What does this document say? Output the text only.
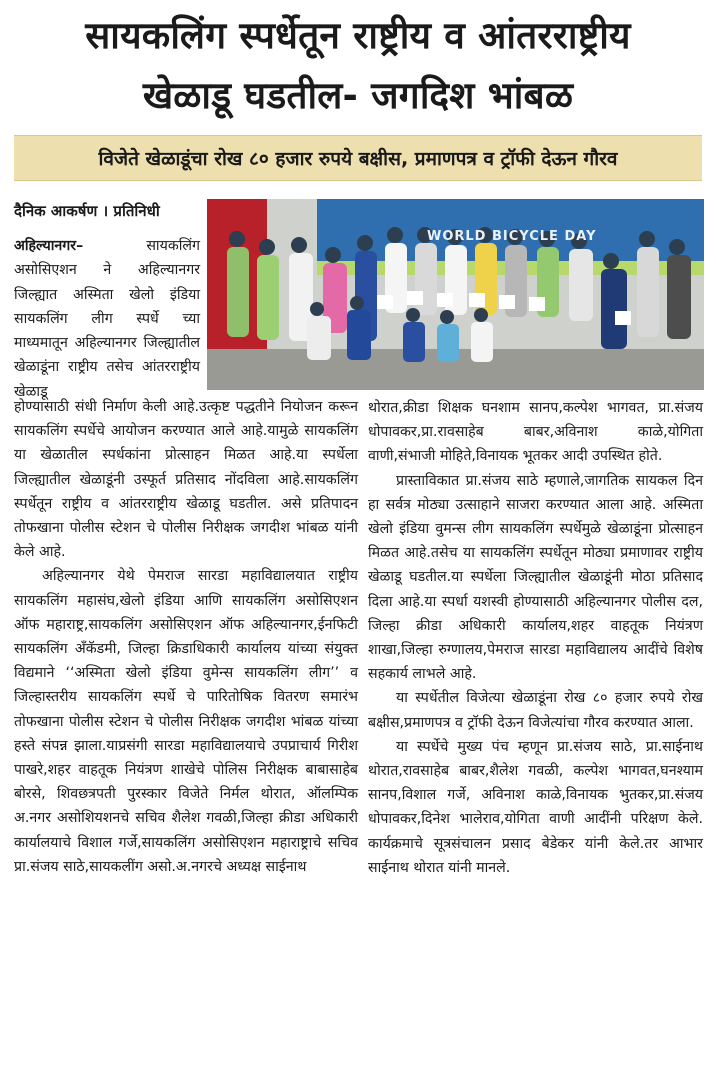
सायकलिंग स्पर्धेतून राष्ट्रीय व आंतरराष्ट्रीय
खेळाडू घडतील- जगदिश भांबळ
विजेते खेळाडूंचा रोख ८० हजार रुपये बक्षीस, प्रमाणपत्र व ट्रॉफी देऊन गौरव
दैनिक आकर्षण । प्रतिनिधी
WORLD BICYCLE DAY
अहिल्यानगर–	सायकलिंग असोसिएशन ने अहिल्यानगर जिल्ह्यात अस्मिता खेलो इंडिया सायकलिंग लीग स्पर्धे च्या माध्यमातून अहिल्यानगर जिल्ह्यातील खेळाडूंना राष्ट्रीय तसेच आंतरराष्ट्रीय खेळाडू

होण्यासाठी संधी निर्माण केली आहे.उत्कृष्ट पद्धतीने नियोजन करून सायकलिंग स्पर्धेचे आयोजन करण्यात आले आहे.यामुळे सायकलिंग या खेळातील स्पर्धकांना प्रोत्साहन मिळत आहे.या स्पर्धेला जिल्ह्यातील खेळाडूंनी उस्फूर्त प्रतिसाद नोंदविला आहे.सायकलिंग स्पर्धेतून राष्ट्रीय व आंतरराष्ट्रीय खेळाडू घडतील. असे प्रतिपादन तोफखाना पोलीस स्टेशन चे पोलीस निरीक्षक जगदीश भांबळ यांनी केले आहे.

अहिल्यानगर येथे पेमराज सारडा महाविद्यालयात राष्ट्रीय सायकलिंग महासंघ,खेलो इंडिया आणि सायकलिंग असोसिएशन ऑफ महाराष्ट्र,सायकलिंग असोसिएशन ऑफ अहिल्यानगर,ईनफिटी सायकलिंग अँकॅडमी, जिल्हा क्रिडाधिकारी कार्यालय यांच्या संयुक्त विद्यमाने ‘‘अस्मिता खेलो इंडिया वुमेन्स सायकलिंग लीग’’ व जिल्हास्तरीय सायकलिंग स्पर्धे चे पारितोषिक वितरण समारंभ तोफखाना पोलीस स्टेशन चे पोलीस निरीक्षक जगदीश भांबळ यांच्या हस्ते संपन्न झाला.याप्रसंगी सारडा महाविद्यालयाचे उपप्राचार्य गिरीश पाखरे,शहर वाहतूक नियंत्रण शाखेचे पोलिस निरीक्षक बाबासाहेब बोरसे, शिवछत्रपती पुरस्कार विजेते निर्मल थोरात, ऑलम्पिक अ.नगर असोशियशनचे सचिव शैलेश गवळी,जिल्हा क्रीडा अधिकारी कार्यालयाचे विशाल गर्जे,सायकलिंग असोसिएशन महाराष्ट्राचे सचिव प्रा.संजय साठे,सायकलींग असो.अ.नगरचे अध्यक्ष साईनाथ

थोरात,क्रीडा शिक्षक घनशाम सानप,कल्पेश भागवत, प्रा.संजय धोपावकर,प्रा.रावसाहेब बाबर,अविनाश काळे,योगिता वाणी,संभाजी मोहिते,विनायक भूतकर आदी उपस्थित होते.

प्रास्ताविकात प्रा.संजय साठे म्हणाले,जागतिक सायकल दिन हा सर्वत्र मोठ्या उत्साहाने साजरा करण्यात आला आहे. अस्मिता खेलो इंडिया वुमन्स लीग सायकलिंग स्पर्धेमुळे खेळाडूंना प्रोत्साहन मिळत आहे.तसेच या सायकलिंग स्पर्धेतून मोठ्या प्रमाणावर राष्ट्रीय खेळाडू घडतील.या स्पर्धेला जिल्ह्यातील खेळाडूंनी मोठा प्रतिसाद दिला आहे.या स्पर्धा यशस्वी होण्यासाठी अहिल्यानगर पोलीस दल, जिल्हा क्रीडा अधिकारी कार्यालय,शहर वाहतूक नियंत्रण शाखा,जिल्हा रुग्णालय,पेमराज सारडा महाविद्यालय आदींचे विशेष सहकार्य लाभले आहे.

या स्पर्धेतील विजेत्या खेळाडूंना रोख ८० हजार रुपये रोख बक्षीस,प्रमाणपत्र व ट्रॉफी देऊन विजेत्यांचा गौरव करण्यात आला.

या स्पर्धेचे मुख्य पंच म्हणून प्रा.संजय साठे, प्रा.साईनाथ थोरात,रावसाहेब बाबर,शैलेश गवळी, कल्पेश भागवत,घनश्याम सानप,विशाल गर्जे, अविनाश काळे,विनायक भुतकर,प्रा.संजय धोपावकर,दिनेश भालेराव,योगिता वाणी आदींनी परिक्षण केले. कार्यक्रमाचे सूत्रसंचालन प्रसाद बेडेकर यांनी केले.तर आभार साईनाथ थोरात यांनी मानले.
